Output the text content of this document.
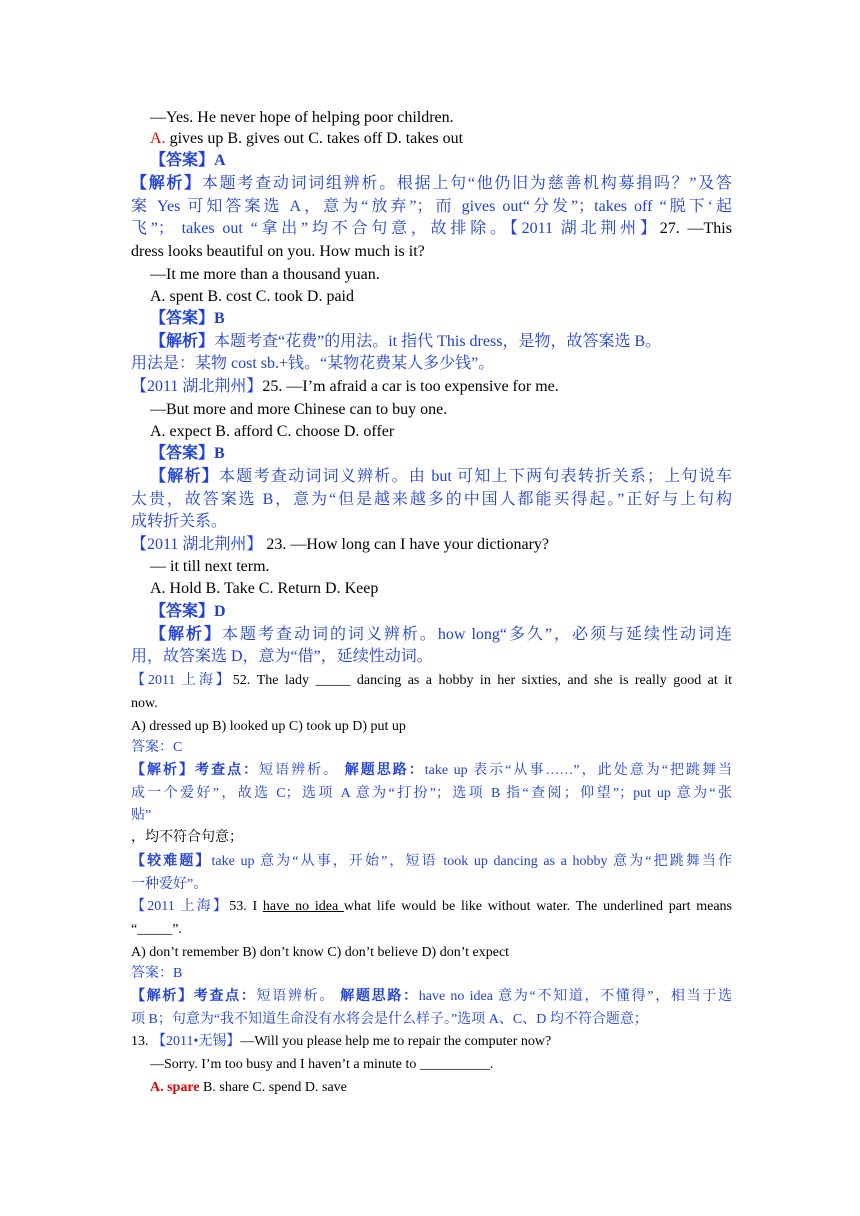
—Yes. He never hope of helping poor children.
A. gives up B. gives out C. takes off D. takes out
【答案】A
【解析】本题考查动词词组辨析。根据上句“他仍旧为慈善机构募捐吗？”及答
案 Yes 可知答案选 A，意为“放弃”；而 gives out“分发”；takes off “脱下‘起
飞”； takes out “拿出”均不合句意，故排除。【2011 湖北荆州】27. —This
dress looks beautiful on you. How much is it?
—It me more than a thousand yuan.
A. spent B. cost C. took D. paid
【答案】B
【解析】本题考查“花费”的用法。it 指代 This dress，是物，故答案选 B。
用法是：某物 cost sb.+钱。“某物花费某人多少钱”。
【2011 湖北荆州】25. —I’m afraid a car is too expensive for me.
—But more and more Chinese can to buy one.
A. expect B. afford C. choose D. offer
【答案】B
【解析】本题考查动词词义辨析。由 but 可知上下两句表转折关系；上句说车
太贵，故答案选 B，意为“但是越来越多的中国人都能买得起。”正好与上句构
成转折关系。
【2011 湖北荆州】 23. —How long can I have your dictionary?
— it till next term.
A. Hold B. Take C. Return D. Keep
【答案】D
【解析】本题考查动词的词义辨析。how long“多久”，必须与延续性动词连
用，故答案选 D，意为“借”，延续性动词。
【2011 上海】52. The lady _____ dancing as a hobby in her sixties, and she is really good at it
now.
A) dressed up B) looked up C) took up D) put up
答案：C
【解析】考查点：短语辨析。 解题思路：take up 表示“从事……”，此处意为“把跳舞当
成一个爱好”，故选 C；选项 A 意为“打扮”；选项 B 指“查阅；仰望”；put up 意为“张
贴”
，均不符合句意；
【较难题】take up 意为“从事，开始”，短语 took up dancing as a hobby 意为“把跳舞当作
一种爱好”。
【2011 上海】53. I have no idea what life would be like without water. The underlined part means
“_____”.
A) don’t remember B) don’t know C) don’t believe D) don’t expect
答案：B
【解析】考查点：短语辨析。 解题思路：have no idea 意为“不知道，不懂得”，相当于选
项 B；句意为“我不知道生命没有水将会是什么样子。”选项 A、C、D 均不符合题意；
13. 【2011•无锡】—Will you please help me to repair the computer now?
—Sorry. I’m too busy and I haven’t a minute to __________.
A. spare B. share C. spend D. save
